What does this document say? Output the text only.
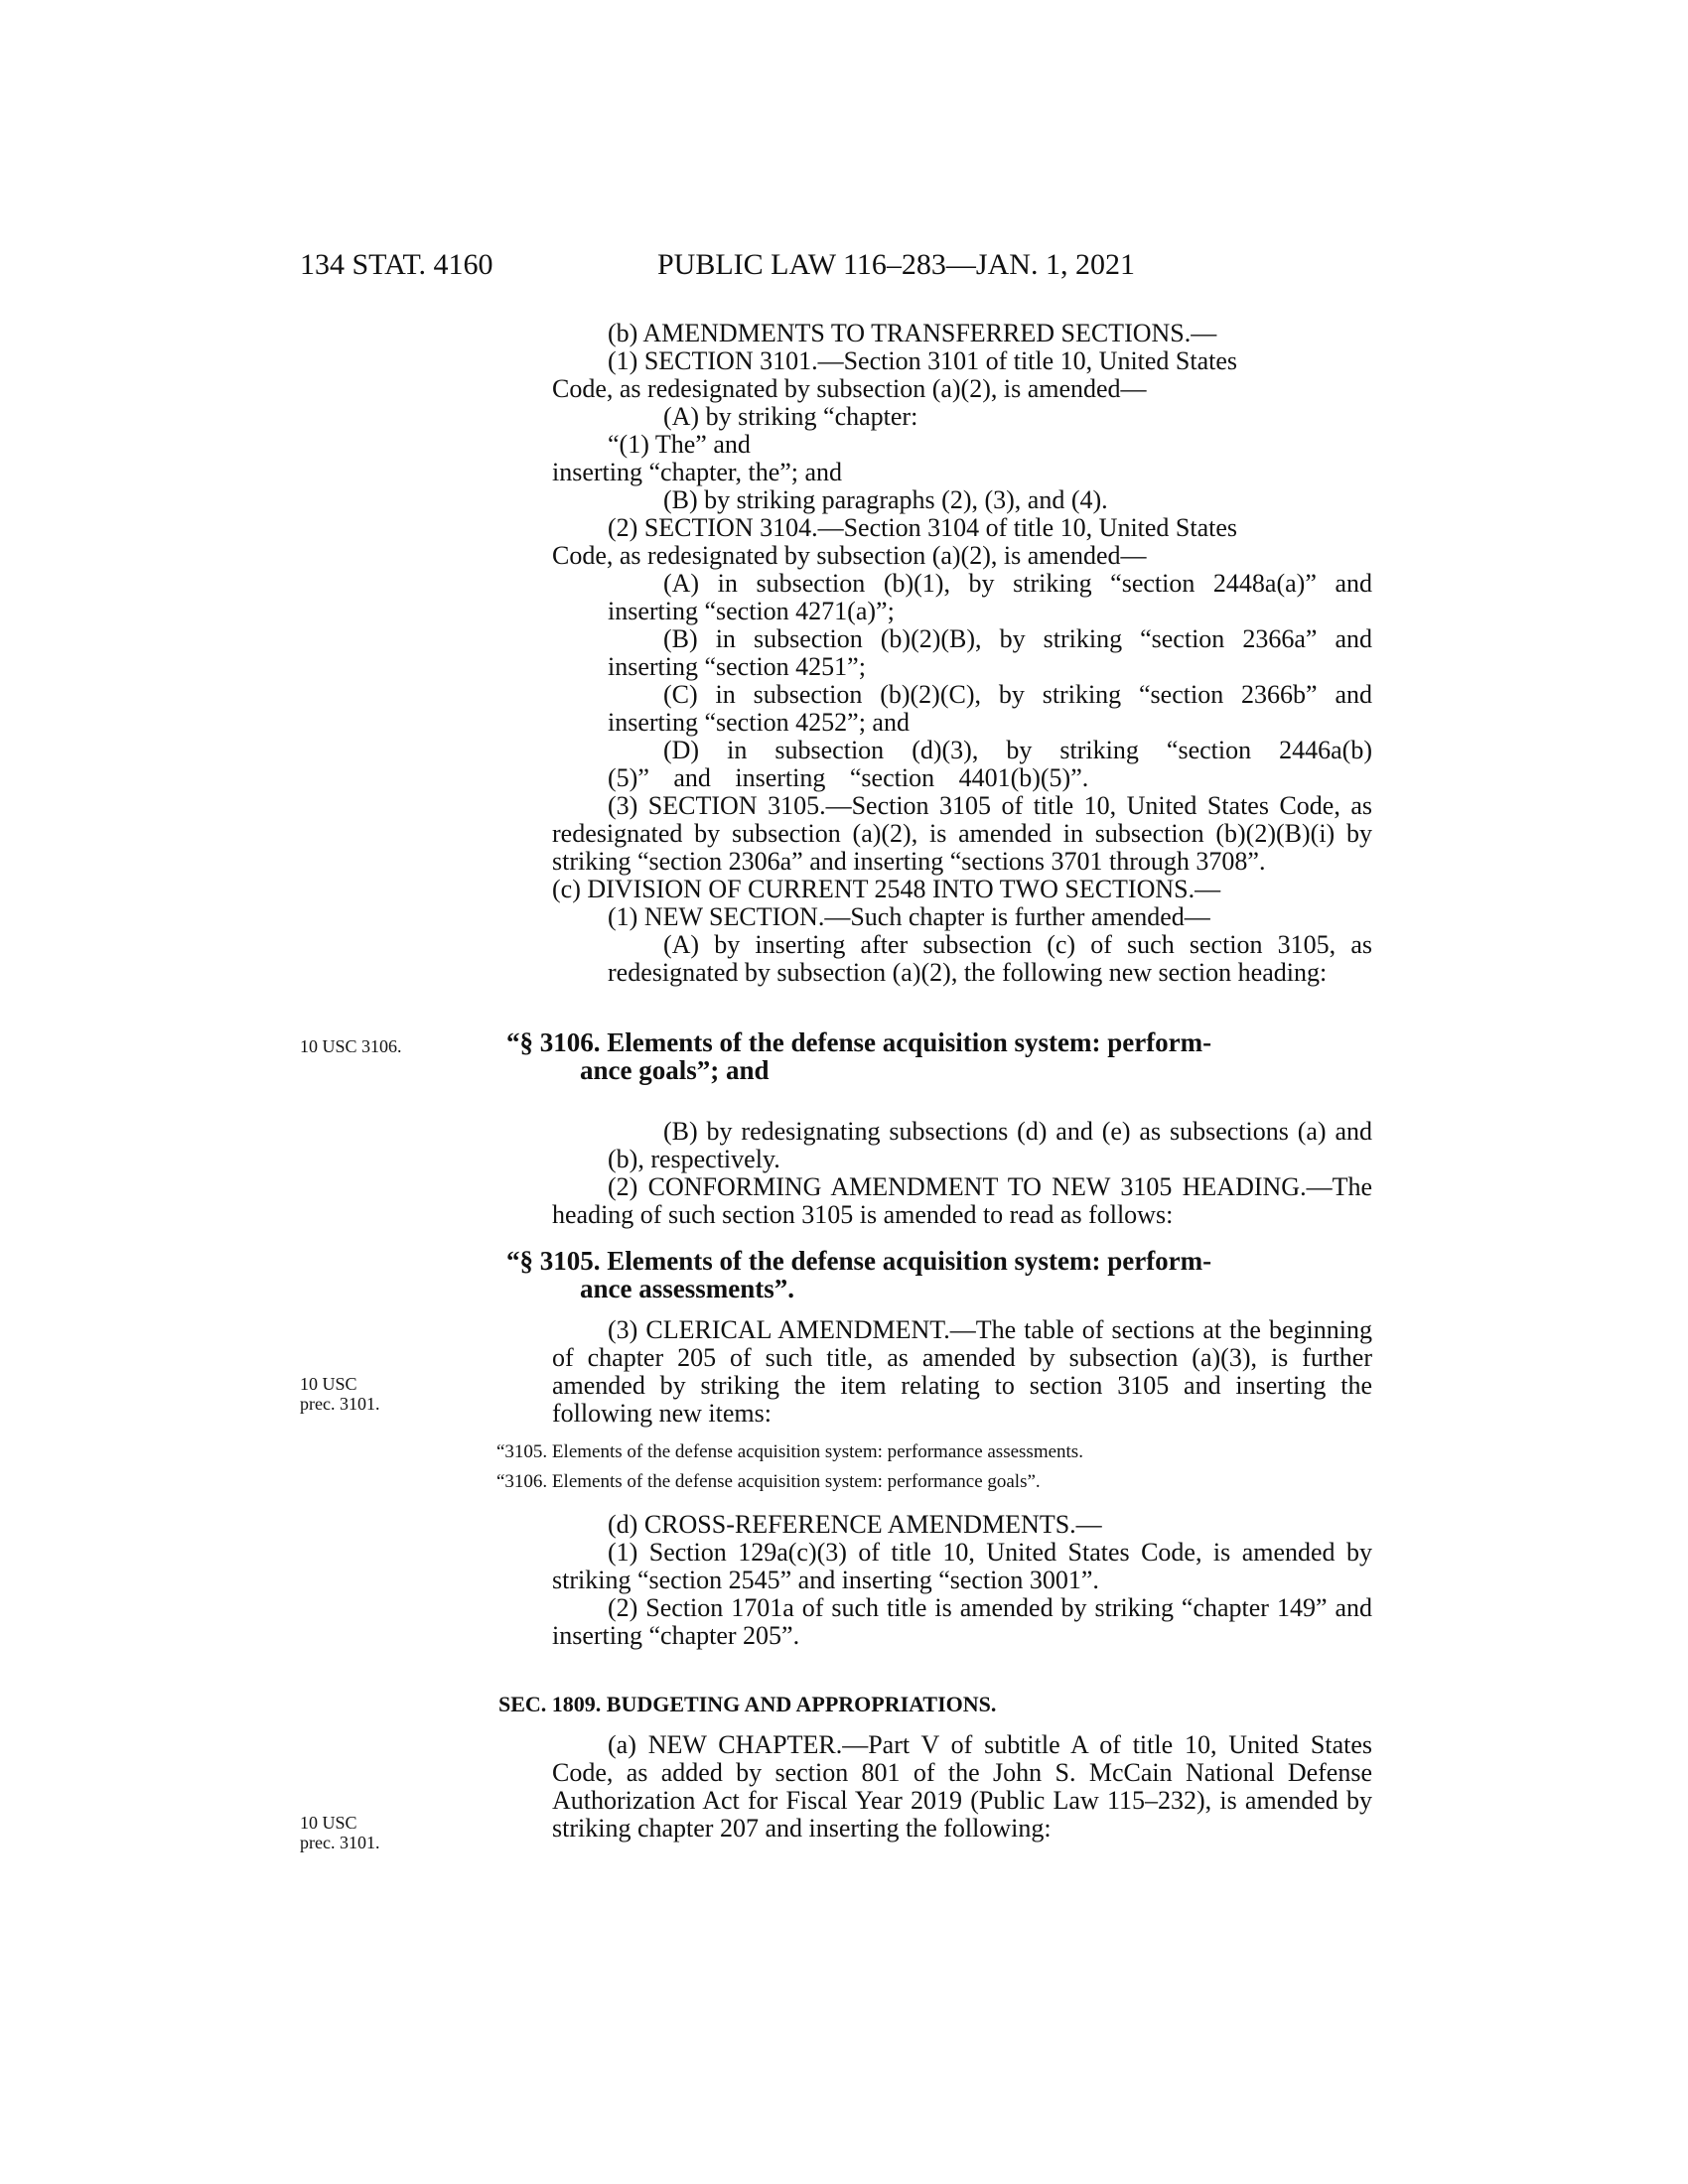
134 STAT. 4160	PUBLIC LAW 116–283—JAN. 1, 2021

(b) AMENDMENTS TO TRANSFERRED SECTIONS.—

(1) SECTION 3101.—Section 3101 of title 10, United States

Code, as redesignated by subsection (a)(2), is amended—

(A) by striking “chapter:

“(1) The” and

inserting “chapter, the”; and

(B) by striking paragraphs (2), (3), and (4).

(2) SECTION 3104.—Section 3104 of title 10, United States

Code, as redesignated by subsection (a)(2), is amended—

(A) in subsection (b)(1), by striking “section 2448a(a)” and inserting “section 4271(a)”;

(B) in subsection (b)(2)(B), by striking “section 2366a” and inserting “section 4251”;

(C) in subsection (b)(2)(C), by striking “section 2366b” and inserting “section 4252”; and

(D) in subsection (d)(3), by striking “section 2446a(b)(5)” and inserting “section 4401(b)(5)”.

(3) SECTION 3105.—Section 3105 of title 10, United States Code, as redesignated by subsection (a)(2), is amended in subsection (b)(2)(B)(i) by striking “section 2306a” and inserting “sections 3701 through 3708”.

(c) DIVISION OF CURRENT 2548 INTO TWO SECTIONS.—

(1) NEW SECTION.—Such chapter is further amended—

(A) by inserting after subsection (c) of such section 3105, as redesignated by subsection (a)(2), the following new section heading:

10 USC 3106.	“§ 3106. Elements of the defense acquisition system: perform-
ance goals”; and

(B) by redesignating subsections (d) and (e) as subsections (a) and (b), respectively.

(2) CONFORMING AMENDMENT TO NEW 3105 HEADING.—The heading of such section 3105 is amended to read as follows:

“§ 3105. Elements of the defense acquisition system: perform-
ance assessments”.

(3) CLERICAL AMENDMENT.—The table of sections at the beginning of chapter 205 of such title, as amended by subsection (a)(3), is further amended by striking the item relating to section 3105 and inserting the following new items:

10 USC
prec. 3101.
“3105. Elements of the defense acquisition system: performance assessments.
“3106. Elements of the defense acquisition system: performance goals”.

(d) CROSS-REFERENCE AMENDMENTS.—

(1) Section 129a(c)(3) of title 10, United States Code, is amended by striking “section 2545” and inserting “section 3001”.

(2) Section 1701a of such title is amended by striking “chapter 149” and inserting “chapter 205”.

SEC. 1809. BUDGETING AND APPROPRIATIONS.

(a) NEW CHAPTER.—Part V of subtitle A of title 10, United States Code, as added by section 801 of the John S. McCain National Defense Authorization Act for Fiscal Year 2019 (Public Law 115–232), is amended by striking chapter 207 and inserting the following:

10 USC
prec. 3101.
